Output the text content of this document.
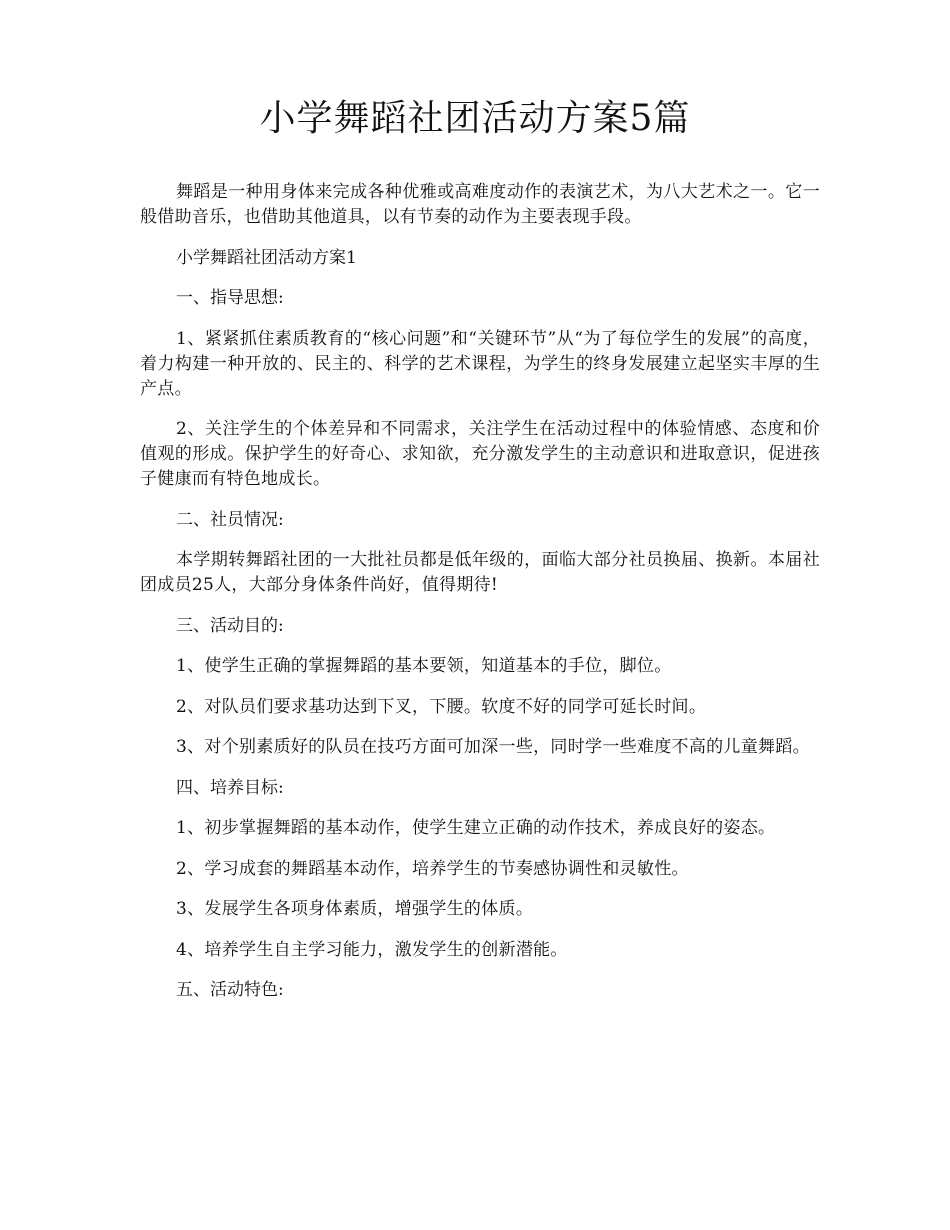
小学舞蹈社团活动方案5篇

舞蹈是一种用身体来完成各种优雅或高难度动作的表演艺术，为八大艺术之一。它一般借助音乐，也借助其他道具，以有节奏的动作为主要表现手段。

小学舞蹈社团活动方案1

一、指导思想:

1、紧紧抓住素质教育的“核心问题”和“关键环节”从“为了每位学生的发展”的高度，着力构建一种开放的、民主的、科学的艺术课程，为学生的终身发展建立起坚实丰厚的生产点。

2、关注学生的个体差异和不同需求，关注学生在活动过程中的体验情感、态度和价值观的形成。保护学生的好奇心、求知欲，充分激发学生的主动意识和进取意识，促进孩子健康而有特色地成长。

二、社员情况:

本学期转舞蹈社团的一大批社员都是低年级的，面临大部分社员换届、换新。本届社团成员25人，大部分身体条件尚好，值得期待!

三、活动目的:

1、使学生正确的掌握舞蹈的基本要领，知道基本的手位，脚位。

2、对队员们要求基功达到下叉，下腰。软度不好的同学可延长时间。

3、对个别素质好的队员在技巧方面可加深一些，同时学一些难度不高的儿童舞蹈。

四、培养目标:

1、初步掌握舞蹈的基本动作，使学生建立正确的动作技术，养成良好的姿态。

2、学习成套的舞蹈基本动作，培养学生的节奏感协调性和灵敏性。

3、发展学生各项身体素质，增强学生的体质。

4、培养学生自主学习能力，激发学生的创新潜能。

五、活动特色:
